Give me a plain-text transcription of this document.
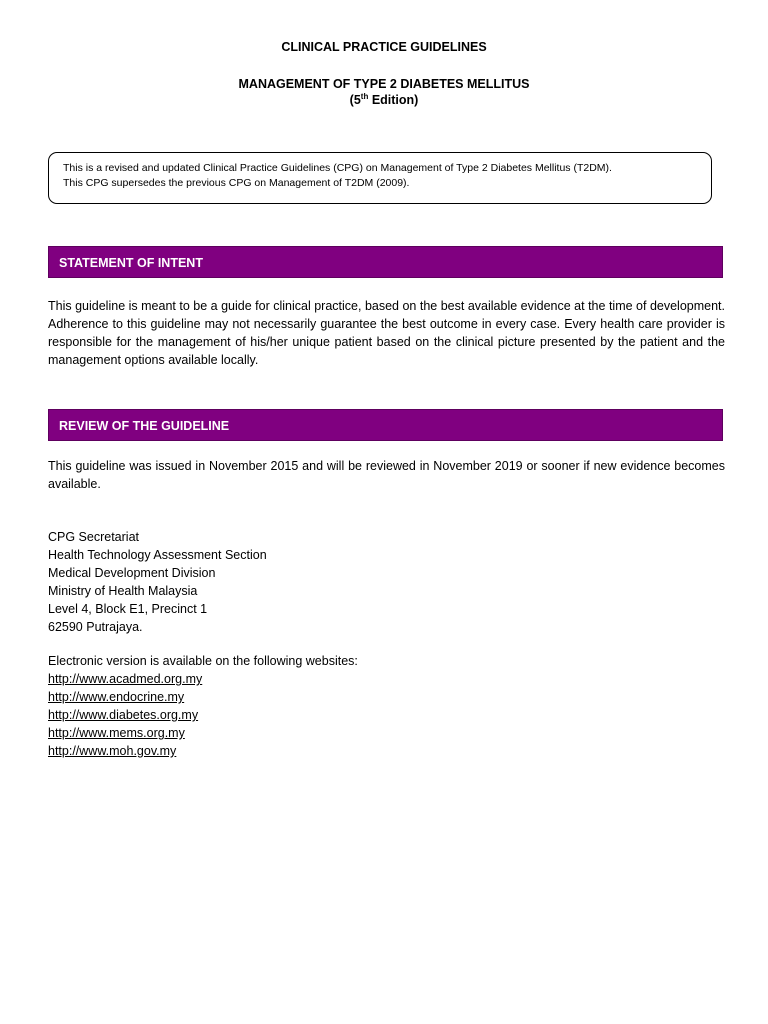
CLINICAL PRACTICE GUIDELINES
MANAGEMENT OF TYPE 2 DIABETES MELLITUS
(5th Edition)

This is a revised and updated Clinical Practice Guidelines (CPG) on Management of Type 2 Diabetes Mellitus (T2DM).

This CPG supersedes the previous CPG on Management of T2DM (2009).

STATEMENT OF INTENT

This guideline is meant to be a guide for clinical practice, based on the best available evidence at the time of development. Adherence to this guideline may not necessarily guarantee the best outcome in every case. Every health care provider is responsible for the management of his/her unique patient based on the clinical picture presented by the patient and the management options available locally.

REVIEW OF THE GUIDELINE

This guideline was issued in November 2015 and will be reviewed in November 2019 or sooner if new evidence becomes available.

CPG Secretariat
Health Technology Assessment Section
Medical Development Division
Ministry of Health Malaysia
Level 4, Block E1, Precinct 1
62590 Putrajaya.
Electronic version is available on the following websites:
http://www.acadmed.org.my
http://www.endocrine.my
http://www.diabetes.org.my
http://www.mems.org.my
http://www.moh.gov.my
